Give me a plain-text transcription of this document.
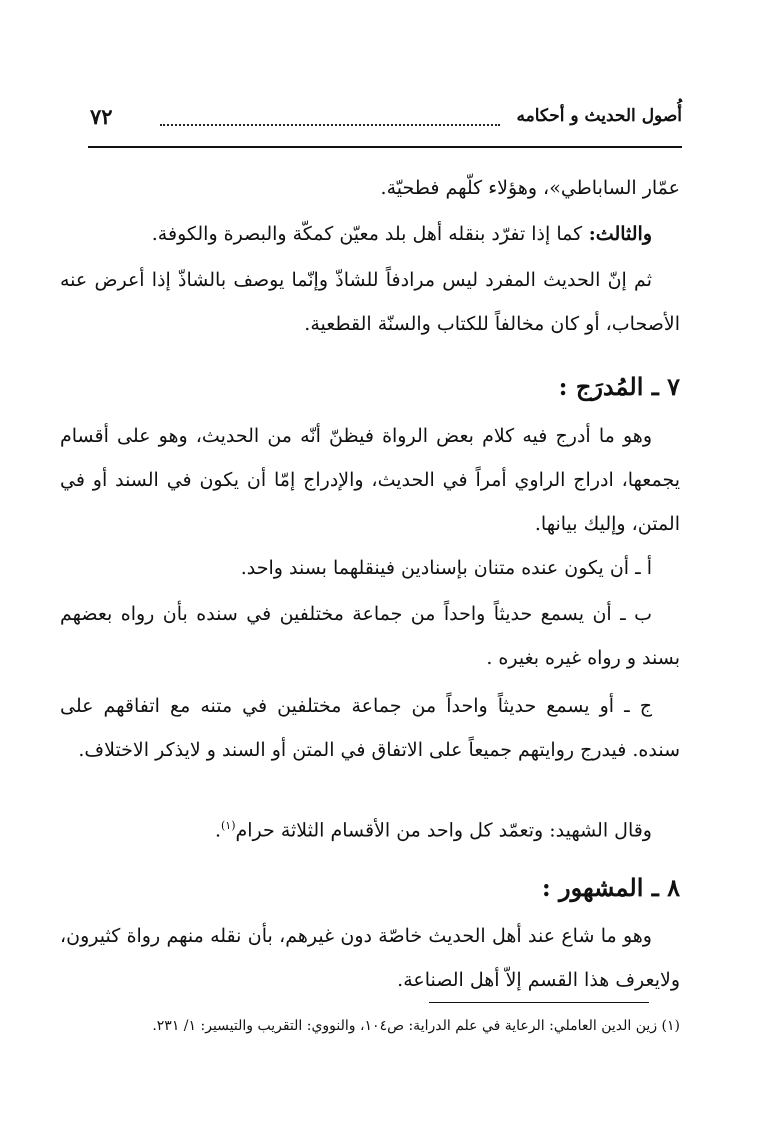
أُصول الحديث و أحكامه
٧٢

عمّار الساباطي»، وهؤلاء كلّهم فطحيّة.

والثالث: كما إذا تفرّد بنقله أهل بلد معيّن كمكّة والبصرة والكوفة.

ثم إنّ الحديث المفرد ليس مرادفاً للشاذّ وإنّما يوصف بالشاذّ إذا أعرض عنه الأصحاب، أو كان مخالفاً للكتاب والسنّة القطعية.

٧ ـ المُدرَج :

وهو ما أدرج فيه كلام بعض الرواة فيظنّ أنّه من الحديث، وهو على أقسام يجمعها، ادراج الراوي أمراً في الحديث، والإدراج إمّا أن يكون في السند أو في المتن، وإليك بيانها.

أ ـ أن يكون عنده متنان بإسنادين فينقلهما بسند واحد.

ب ـ أن يسمع حديثاً واحداً من جماعة مختلفين في سنده بأن رواه بعضهم بسند و رواه غيره بغيره .

ج ـ أو يسمع حديثاً واحداً من جماعة مختلفين في متنه مع اتفاقهم على سنده. فيدرج روايتهم جميعاً على الاتفاق في المتن أو السند و لايذكر الاختلاف.

وقال الشهيد: وتعمّد كل واحد من الأقسام الثلاثة حرام$^{(١)}$.

٨ ـ المشهور :

وهو ما شاع عند أهل الحديث خاصّة دون غيرهم، بأن نقله منهم رواة كثيرون، ولايعرف هذا القسم إلاّ أهل الصناعة.

(١) زين الدين العاملي: الرعاية في علم الدراية: ص١٠٤، والنووي: التقريب والتيسير: ١/ ٢٣١.
